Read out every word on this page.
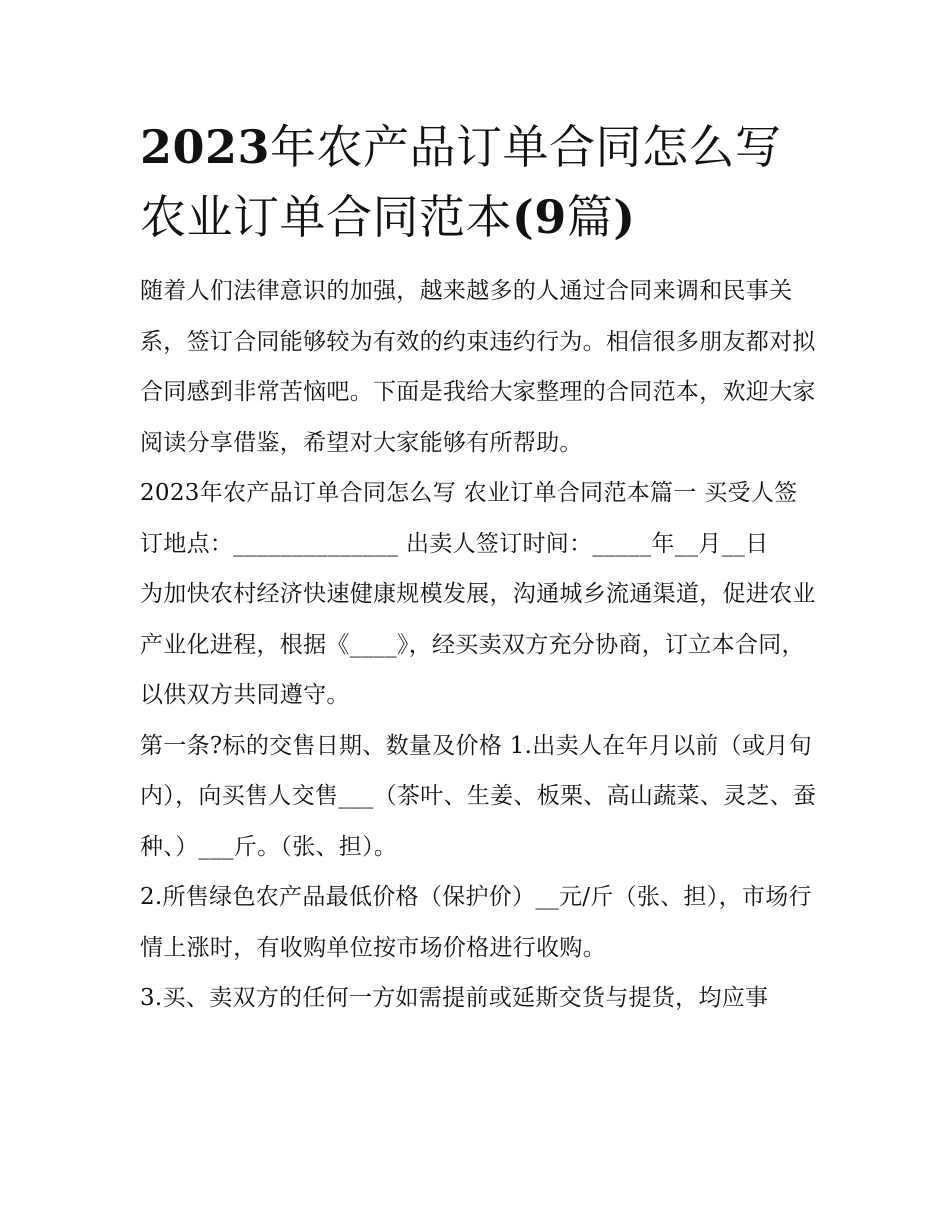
2023年农产品订单合同怎么写农业订单合同范本(9篇)

随着人们法律意识的加强，越来越多的人通过合同来调和民事关系，签订合同能够较为有效的约束违约行为。相信很多朋友都对拟合同感到非常苦恼吧。下面是我给大家整理的合同范本，欢迎大家阅读分享借鉴，希望对大家能够有所帮助。

2023年农产品订单合同怎么写 农业订单合同范本篇一 买受人签订地点：______________ 出卖人签订时间：_____年__月__日

为加快农村经济快速健康规模发展，沟通城乡流通渠道，促进农业产业化进程，根据《____》，经买卖双方充分协商，订立本合同，以供双方共同遵守。

第一条?标的交售日期、数量及价格 1.出卖人在年月以前（或月旬内），向买售人交售___（茶叶、生姜、板栗、高山蔬菜、灵芝、蚕种、）___斤。（张、担）。

2.所售绿色农产品最低价格（保护价）__元/斤（张、担），市场行情上涨时，有收购单位按市场价格进行收购。

3.买、卖双方的任何一方如需提前或延斯交货与提货，均应事
